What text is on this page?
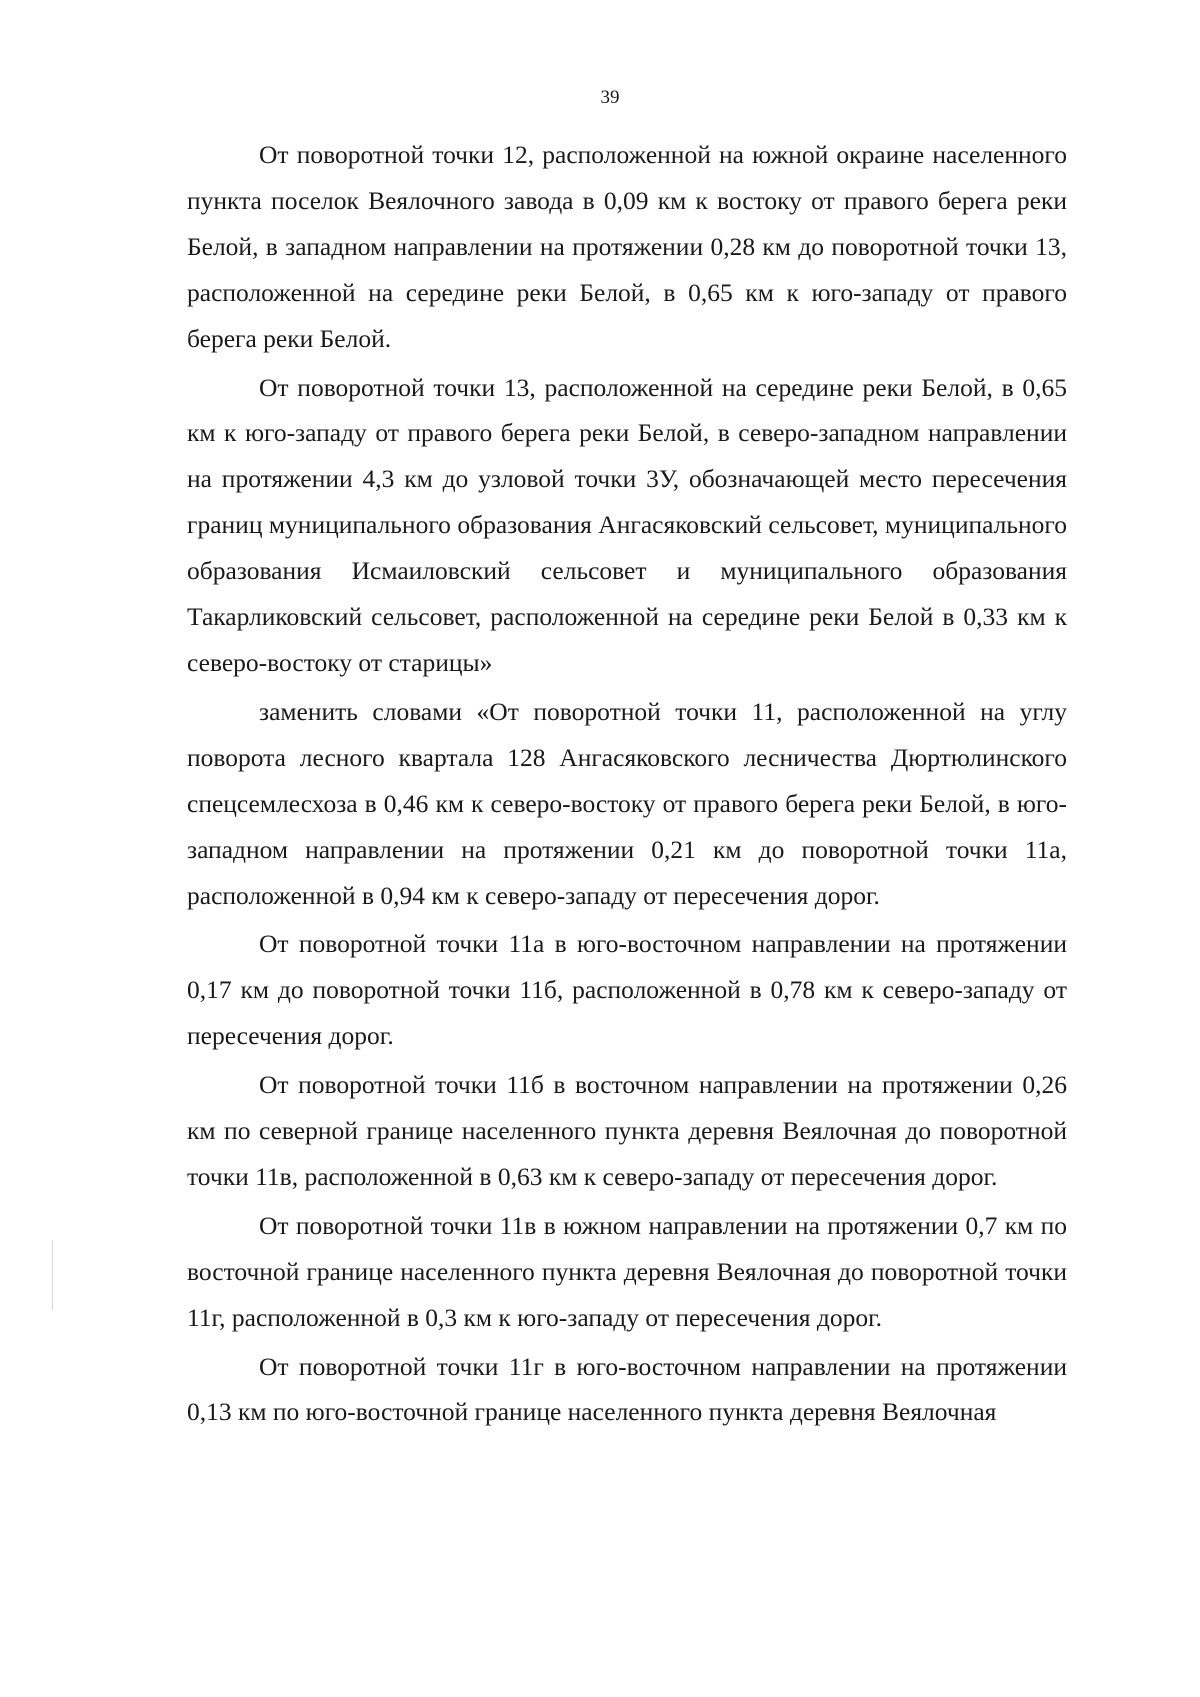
39

От поворотной точки 12, расположенной на южной окраине населенного пункта поселок Веялочного завода в 0,09 км к востоку от правого берега реки Белой, в западном направлении на протяжении 0,28 км до поворотной точки 13, расположенной на середине реки Белой, в 0,65 км к юго-западу от правого берега реки Белой.

От поворотной точки 13, расположенной на середине реки Белой, в 0,65 км к юго-западу от правого берега реки Белой, в северо-западном направлении на протяжении 4,3 км до узловой точки 3У, обозначающей место пересечения границ муниципального образования Ангасяковский сельсовет, муниципального образования Исмаиловский сельсовет и муниципального образования Такарликовский сельсовет, расположенной на середине реки Белой в 0,33 км к северо-востоку от старицы»

заменить словами «От поворотной точки 11, расположенной на углу поворота лесного квартала 128 Ангасяковского лесничества Дюртюлинского спецсемлесхоза в 0,46 км к северо-востоку от правого берега реки Белой, в юго-западном направлении на протяжении 0,21 км до поворотной точки 11а, расположенной в 0,94 км к северо-западу от пересечения дорог.

От поворотной точки 11а в юго-восточном направлении на протяжении 0,17 км до поворотной точки 11б, расположенной в 0,78 км к северо-западу от пересечения дорог.

От поворотной точки 11б в восточном направлении на протяжении 0,26 км по северной границе населенного пункта деревня Веялочная до поворотной точки 11в, расположенной в 0,63 км к северо-западу от пересечения дорог.

От поворотной точки 11в в южном направлении на протяжении 0,7 км по восточной границе населенного пункта деревня Веялочная до поворотной точки 11г, расположенной в 0,3 км к юго-западу от пересечения дорог.

От поворотной точки 11г в юго-восточном направлении на протяжении 0,13 км по юго-восточной границе населенного пункта деревня Веялочная
